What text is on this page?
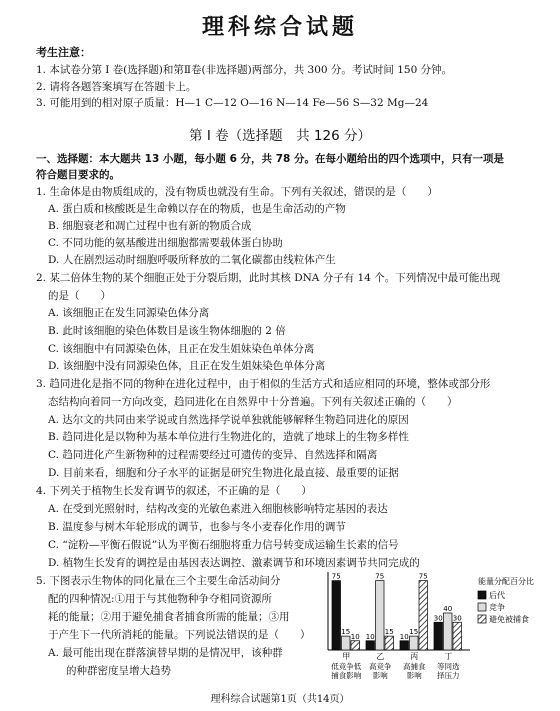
理科综合试题
考生注意：
1. 本试卷分第 I 卷(选择题)和第Ⅱ卷(非选择题)两部分，共 300 分。考试时间 150 分钟。
2. 请将各题答案填写在答题卡上。
3. 可能用到的相对原子质量：H—1 C—12 O—16 N—14 Fe—56 S—32 Mg—24
第 I 卷（选择题　共 126 分）
一、选择题：本大题共 13 小题，每小题 6 分，共 78 分。在每小题给出的四个选项中，只有一项是
符合题目要求的。
1. 生命体是由物质组成的，没有物质也就没有生命。下列有关叙述，错误的是（　　）
A. 蛋白质和核酸既是生命赖以存在的物质，也是生命活动的产物
B. 细胞衰老和凋亡过程中也有新的物质合成
C. 不同功能的氨基酸进出细胞都需要载体蛋白协助
D. 人在剧烈运动时细胞呼吸所释放的二氧化碳都由线粒体产生
2. 某二倍体生物的某个细胞正处于分裂后期，此时其核 DNA 分子有 14 个。下列情况中最可能出现
的是（　　）
A. 该细胞正在发生同源染色体分离
B. 此时该细胞的染色体数目是该生物体细胞的 2 倍
C. 该细胞中有同源染色体，且正在发生姐妹染色单体分离
D. 该细胞中没有同源染色体，且正在发生姐妹染色单体分离
3. 趋同进化是指不同的物种在进化过程中，由于相似的生活方式和适应相同的环境，整体或部分形
态结构向着同一方向改变，趋同进化在自然界中十分普遍。下列有关叙述正确的（　　）
A. 达尔文的共同由来学说或自然选择学说单独就能够解释生物趋同进化的原因
B. 趋同进化是以物种为基本单位进行生物进化的，造就了地球上的生物多样性
C. 趋同进化产生新物种的过程需要经过可遗传的变异、自然选择和隔离
D. 目前来看，细胞和分子水平的证据是研究生物进化最直接、最重要的证据
4. 下列关于植物生长发育调节的叙述，不正确的是（　　）
A. 在受到光照射时，结构改变的光敏色素进入细胞核影响特定基因的表达
B. 温度参与树木年轮形成的调节，也参与冬小麦春化作用的调节
C. “淀粉—平衡石假说”认为平衡石细胞将重力信号转变成运输生长素的信号
D. 植物生长发育的调控是由基因表达调控、激素调节和环境因素调节共同完成的
5. 下图表示生物体的同化量在三个主要生命活动间分
配的四种情况:①用于与其他物种争夺相同资源所
耗的能量；②用于避免捕食者捕食所需的能量；③用
于产生下一代所消耗的能量。下列说法错误的是（　　）
A. 最可能出现在群落演替早期的是情况甲，该种群
的种群密度呈增大趋势
75
15
10
甲
低竞争低
捕食影响
10
75
15
乙
高竞争
影响
10
15
75
丙
高捕食
影响
30
40
30
丁
等同选
择压力
能量分配百分比
后代
竞争
避免被捕食
理科综合试题第1页（共14页）
